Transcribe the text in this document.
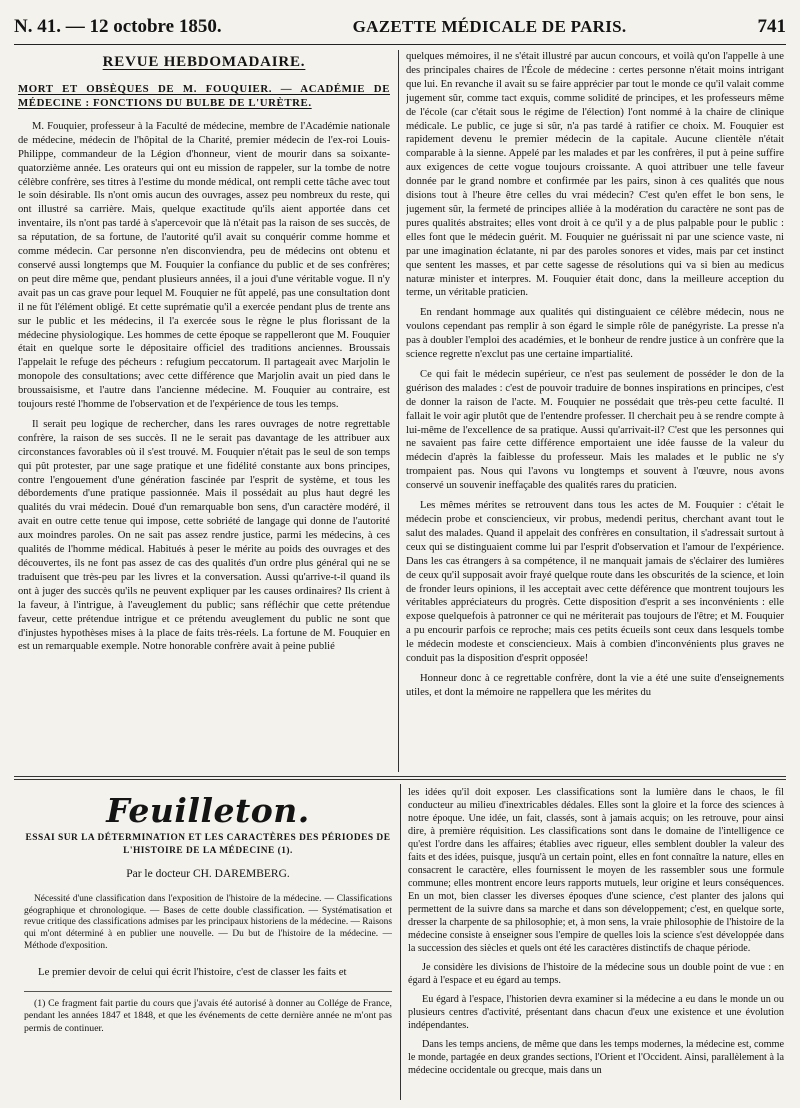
N. 41. — 12 octobre 1850.	GAZETTE MÉDICALE DE PARIS.	741
REVUE HEBDOMADAIRE.
MORT ET OBSÈQUES DE M. FOUQUIER. — ACADÉMIE DE MÉDECINE : FONCTIONS DU BULBE DE L'URÈTRE.

M. Fouquier, professeur à la Faculté de médecine, membre de l'Académie nationale de médecine, médecin de l'hôpital de la Charité, premier médecin de l'ex-roi Louis-Philippe, commandeur de la Légion d'honneur, vient de mourir dans sa soixante-quatorzième année. Les orateurs qui ont eu mission de rappeler, sur la tombe de notre célèbre confrère, ses titres à l'estime du monde médical, ont rempli cette tâche avec tout le soin désirable. Ils n'ont omis aucun des ouvrages, assez peu nombreux du reste, qui ont illustré sa carrière. Mais, quelque exactitude qu'ils aient apportée dans cet inventaire, ils n'ont pas tardé à s'apercevoir que là n'était pas la raison de ses succès, de sa réputation, de sa fortune, de l'autorité qu'il avait su conquérir comme homme et comme médecin. Car personne n'en disconviendra, peu de médecins ont obtenu et conservé aussi longtemps que M. Fouquier la confiance du public et de ses confrères; on peut dire même que, pendant plusieurs années, il a joui d'une véritable vogue. Il n'y avait pas un cas grave pour lequel M. Fouquier ne fût appelé, pas une consultation dont il ne fût l'élément obligé. Et cette suprématie qu'il a exercée pendant plus de trente ans sur le public et les médecins, il l'a exercée sous le règne le plus florissant de la médecine physiologique. Les hommes de cette époque se rappelleront que M. Fouquier était en quelque sorte le dépositaire officiel des traditions anciennes. Broussais l'appelait le refuge des pécheurs : refugium peccatorum. Il partageait avec Marjolin le monopole des consultations; avec cette différence que Marjolin avait un pied dans le broussaisisme, et l'autre dans l'ancienne médecine. M. Fouquier au contraire, est toujours resté l'homme de l'observation et de l'expérience de tous les temps.

Il serait peu logique de rechercher, dans les rares ouvrages de notre regrettable confrère, la raison de ses succès. Il ne le serait pas davantage de les attribuer aux circonstances favorables où il s'est trouvé. M. Fouquier n'était pas le seul de son temps qui pût protester, par une sage pratique et une fidélité constante aux bons principes, contre l'engouement d'une génération fascinée par l'esprit de système, et tous les débordements d'une pratique passionnée. Mais il possédait au plus haut degré les qualités du vrai médecin. Doué d'un remarquable bon sens, d'un caractère modéré, il avait en outre cette tenue qui impose, cette sobriété de langage qui donne de l'autorité aux moindres paroles. On ne sait pas assez rendre justice, parmi les médecins, à ces qualités de l'homme médical. Habitués à peser le mérite au poids des ouvrages et des découvertes, ils ne font pas assez de cas des qualités d'un ordre plus général qui ne se traduisent que très-peu par les livres et la conversation. Aussi qu'arrive-t-il quand ils ont à juger des succès qu'ils ne peuvent expliquer par les causes ordinaires? Ils crient à la faveur, à l'intrigue, à l'aveuglement du public; sans réfléchir que cette prétendue faveur, cette prétendue intrigue et ce prétendu aveuglement du public ne sont que d'injustes hypothèses mises à la place de faits très-réels. La fortune de M. Fouquier en est un remarquable exemple. Notre honorable confrère avait à peine publié

quelques mémoires, il ne s'était illustré par aucun concours, et voilà qu'on l'appelle à une des principales chaires de l'École de médecine : certes personne n'était moins intrigant que lui. En revanche il avait su se faire apprécier par tout le monde ce qu'il valait comme jugement sûr, comme tact exquis, comme solidité de principes, et les professeurs même de l'école (car c'était sous le régime de l'élection) l'ont nommé à la chaire de clinique médicale. Le public, ce juge si sûr, n'a pas tardé à ratifier ce choix. M. Fouquier est rapidement devenu le premier médecin de la capitale. Aucune clientèle n'était comparable à la sienne. Appelé par les malades et par les confrères, il put à peine suffire aux exigences de cette vogue toujours croissante. A quoi attribuer une telle faveur donnée par le grand nombre et confirmée par les pairs, sinon à ces qualités que nous disions tout à l'heure être celles du vrai médecin? C'est qu'en effet le bon sens, le jugement sûr, la fermeté de principes alliée à la modération du caractère ne sont pas de pures qualités abstraites; elles vont droit à ce qu'il y a de plus palpable pour le public : elles font que le médecin guérit. M. Fouquier ne guérissait ni par une science vaste, ni par une imagination éclatante, ni par des paroles sonores et vides, mais par cet instinct que sentent les masses, et par cette sagesse de résolutions qui va si bien au medicus naturæ minister et interpres. M. Fouquier était donc, dans la meilleure acception du terme, un véritable praticien.

En rendant hommage aux qualités qui distinguaient ce célèbre médecin, nous ne voulons cependant pas remplir à son égard le simple rôle de panégyriste. La presse n'a pas à doubler l'emploi des académies, et le bonheur de rendre justice à un confrère que la science regrette n'exclut pas une certaine impartialité.

Ce qui fait le médecin supérieur, ce n'est pas seulement de posséder le don de la guérison des malades : c'est de pouvoir traduire de bonnes inspirations en principes, c'est de donner la raison de l'acte. M. Fouquier ne possédait que très-peu cette faculté. Il fallait le voir agir plutôt que de l'entendre professer. Il cherchait peu à se rendre compte à lui-même de l'excellence de sa pratique. Aussi qu'arrivait-il? C'est que les personnes qui ne savaient pas faire cette différence emportaient une idée fausse de la valeur du médecin d'après la faiblesse du professeur. Mais les malades et le public ne s'y trompaient pas. Nous qui l'avons vu longtemps et souvent à l'œuvre, nous avons conservé un souvenir ineffaçable des qualités rares du praticien.

Les mêmes mérites se retrouvent dans tous les actes de M. Fouquier : c'était le médecin probe et consciencieux, vir probus, medendi peritus, cherchant avant tout le salut des malades. Quand il appelait des confrères en consultation, il s'adressait surtout à ceux qui se distinguaient comme lui par l'esprit d'observation et l'amour de l'expérience. Dans les cas étrangers à sa compétence, il ne manquait jamais de s'éclairer des lumières de ceux qu'il supposait avoir frayé quelque route dans les obscurités de la science, et loin de fronder leurs opinions, il les acceptait avec cette déférence que montrent toujours les véritables appréciateurs du progrès. Cette disposition d'esprit a ses inconvénients : elle expose quelquefois à patronner ce qui ne mériterait pas toujours de l'être; et M. Fouquier a pu encourir parfois ce reproche; mais ces petits écueils sont ceux dans lesquels tombe le médecin modeste et consciencieux. Mais à combien d'inconvénients plus graves ne conduit pas la disposition d'esprit opposée!

Honneur donc à ce regrettable confrère, dont la vie a été une suite d'enseignements utiles, et dont la mémoire ne rappellera que les mérites du

Feuilleton.
ESSAI SUR LA DÉTERMINATION ET LES CARACTÈRES DES PÉRIODES DE L'HISTOIRE DE LA MÉDECINE (1).
Par le docteur CH. DAREMBERG.
Nécessité d'une classification dans l'exposition de l'histoire de la médecine. — Classifications géographique et chronologique. — Bases de cette double classification. — Systématisation et revue critique des classifications admises par les principaux historiens de la médecine. — Raisons qui m'ont déterminé à en publier une nouvelle. — Du but de l'histoire de la médecine. — Méthode d'exposition.
Le premier devoir de celui qui écrit l'histoire, c'est de classer les faits et
(1) Ce fragment fait partie du cours que j'avais été autorisé à donner au Collége de France, pendant les années 1847 et 1848, et que les événements de cette dernière année ne m'ont pas permis de continuer.

les idées qu'il doit exposer. Les classifications sont la lumière dans le chaos, le fil conducteur au milieu d'inextricables dédales. Elles sont la gloire et la force des sciences à notre époque. Une idée, un fait, classés, sont à jamais acquis; on les retrouve, pour ainsi dire, à première réquisition. Les classifications sont dans le domaine de l'intelligence ce qu'est l'ordre dans les affaires; établies avec rigueur, elles semblent doubler la valeur des faits et des idées, puisque, jusqu'à un certain point, elles en font connaître la nature, elles en consacrent le caractère, elles fournissent le moyen de les rassembler sous une formule commune; elles montrent encore leurs rapports mutuels, leur origine et leurs conséquences. En un mot, bien classer les diverses époques d'une science, c'est planter des jalons qui permettent de la suivre dans sa marche et dans son développement; c'est, en quelque sorte, dresser la charpente de sa philosophie; et, à mon sens, la vraie philosophie de l'histoire de la médecine consiste à enseigner sous l'empire de quelles lois la science s'est développée dans la succession des siècles et quels ont été les caractères distinctifs de chaque période.

Je considère les divisions de l'histoire de la médecine sous un double point de vue : en égard à l'espace et eu égard au temps.

Eu égard à l'espace, l'historien devra examiner si la médecine a eu dans le monde un ou plusieurs centres d'activité, présentant dans chacun d'eux une existence et une évolution indépendantes.

Dans les temps anciens, de même que dans les temps modernes, la médecine est, comme le monde, partagée en deux grandes sections, l'Orient et l'Occident. Ainsi, parallèlement à la médecine occidentale ou grecque, mais dans un
